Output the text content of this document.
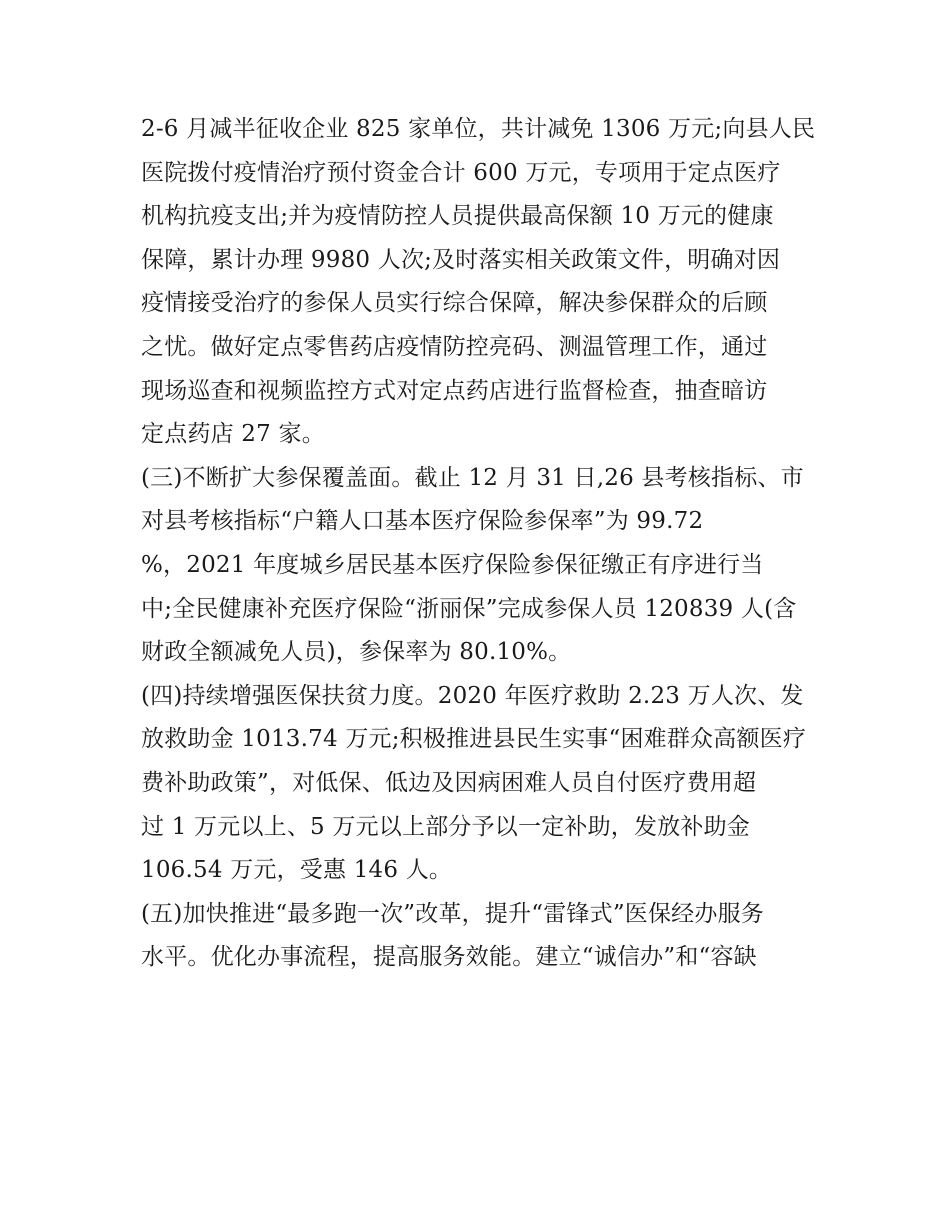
2-6 月减半征收企业 825 家单位，共计减免 1306 万元;向县人民
医院拨付疫情治疗预付资金合计 600 万元，专项用于定点医疗
机构抗疫支出;并为疫情防控人员提供最高保额 10 万元的健康
保障，累计办理 9980 人次;及时落实相关政策文件，明确对因
疫情接受治疗的参保人员实行综合保障，解决参保群众的后顾
之忧。做好定点零售药店疫情防控亮码、测温管理工作，通过
现场巡查和视频监控方式对定点药店进行监督检查，抽查暗访
定点药店 27 家。
(三)不断扩大参保覆盖面。截止 12 月 31 日,26 县考核指标、市
对县考核指标“户籍人口基本医疗保险参保率”为 99.72
%，2021 年度城乡居民基本医疗保险参保征缴正有序进行当
中;全民健康补充医疗保险“浙丽保”完成参保人员 120839 人(含
财政全额减免人员)，参保率为 80.10%。
(四)持续增强医保扶贫力度。2020 年医疗救助 2.23 万人次、发
放救助金 1013.74 万元;积极推进县民生实事“困难群众高额医疗
费补助政策”，对低保、低边及因病困难人员自付医疗费用超
过 1 万元以上、5 万元以上部分予以一定补助，发放补助金
106.54 万元，受惠 146 人。
(五)加快推进“最多跑一次”改革，提升“雷锋式”医保经办服务
水平。优化办事流程，提高服务效能。建立“诚信办”和“容缺
